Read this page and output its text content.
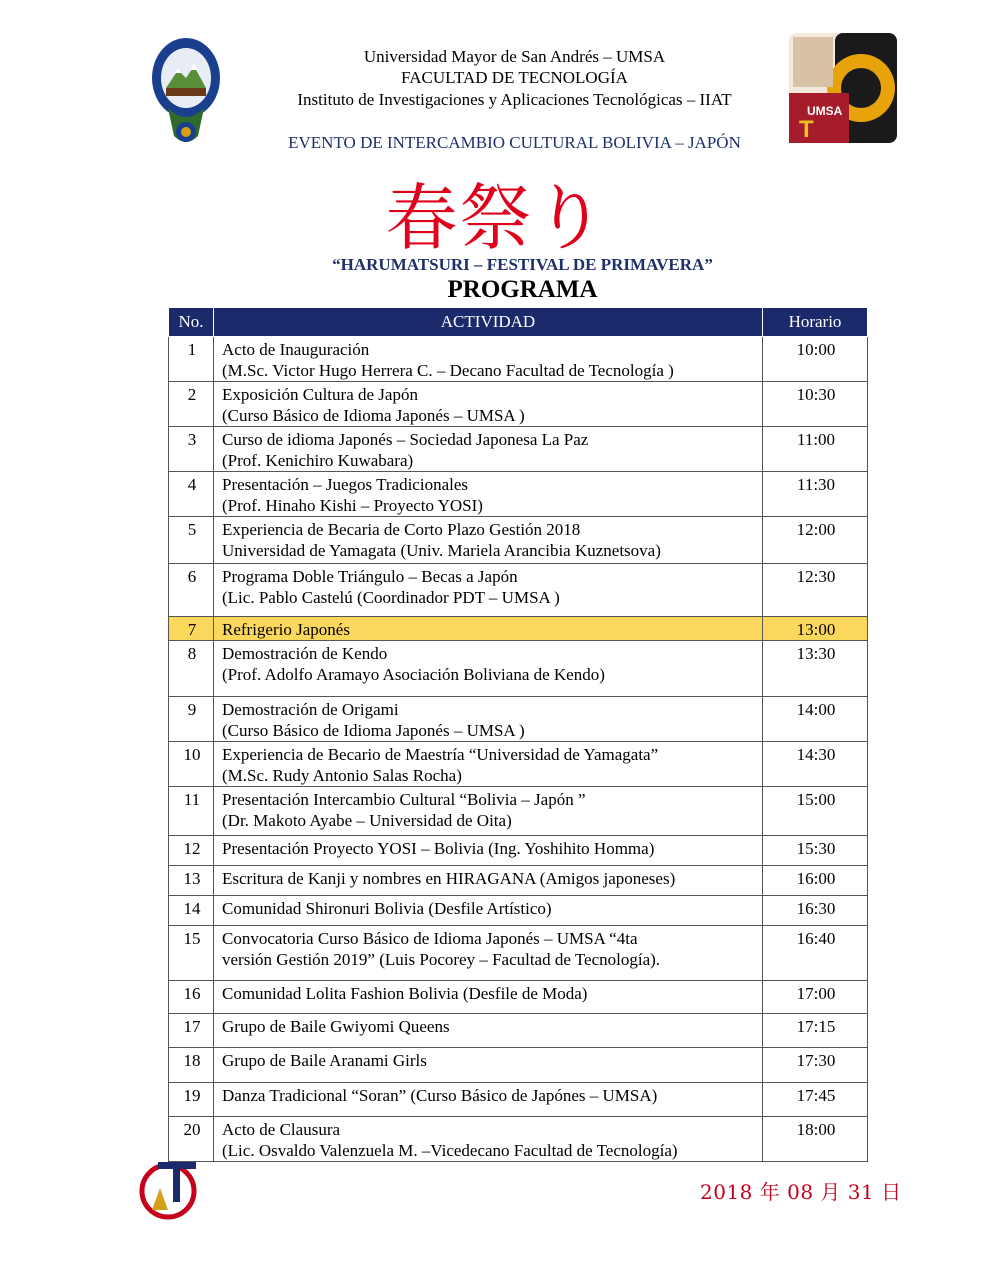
UMSA
T
Universidad Mayor de San Andrés – UMSA
FACULTAD DE TECNOLOGÍA
Instituto de Investigaciones y Aplicaciones Tecnológicas – IIAT
EVENTO DE INTERCAMBIO CULTURAL BOLIVIA – JAPÓN
春祭り
“HARUMATSURI – FESTIVAL DE PRIMAVERA”
PROGRAMA
No.	ACTIVIDAD	Horario
1	Acto de Inauguración
(M.Sc. Victor Hugo Herrera C. – Decano Facultad de Tecnología )	10:00
2	Exposición Cultura de Japón
(Curso Básico de Idioma Japonés – UMSA )	10:30
3	Curso de idioma Japonés – Sociedad Japonesa La Paz
(Prof. Kenichiro Kuwabara)	11:00
4	Presentación – Juegos Tradicionales
(Prof. Hinaho Kishi – Proyecto YOSI)	11:30
5	Experiencia de Becaria de Corto Plazo Gestión 2018
Universidad de Yamagata (Univ. Mariela Arancibia Kuznetsova)	12:00
6	Programa Doble Triángulo – Becas a Japón
(Lic. Pablo Castelú (Coordinador PDT – UMSA )	12:30
7	Refrigerio Japonés	13:00
8	Demostración de Kendo
(Prof. Adolfo Aramayo Asociación Boliviana de Kendo)	13:30
9	Demostración de Origami
(Curso Básico de Idioma Japonés – UMSA )	14:00
10	Experiencia de Becario de Maestría “Universidad de Yamagata”
(M.Sc. Rudy Antonio Salas Rocha)	14:30
11	Presentación Intercambio Cultural “Bolivia – Japón ”
(Dr. Makoto Ayabe – Universidad de Oita)	15:00
12	Presentación Proyecto YOSI – Bolivia (Ing. Yoshihito Homma)	15:30
13	Escritura de Kanji y nombres en HIRAGANA (Amigos japoneses)	16:00
14	Comunidad Shironuri Bolivia (Desfile Artístico)	16:30
15	Convocatoria Curso Básico de Idioma Japonés – UMSA “4ta
versión Gestión 2019” (Luis Pocorey – Facultad de Tecnología).	16:40
16	Comunidad Lolita Fashion Bolivia (Desfile de Moda)	17:00
17	Grupo de Baile Gwiyomi Queens	17:15
18	Grupo de Baile Aranami Girls	17:30
19	Danza Tradicional “Soran” (Curso Básico de Japónes – UMSA)	17:45
20	Acto de Clausura
(Lic. Osvaldo Valenzuela M. –Vicedecano Facultad de Tecnología)	18:00
2018 年 08 月 31 日
